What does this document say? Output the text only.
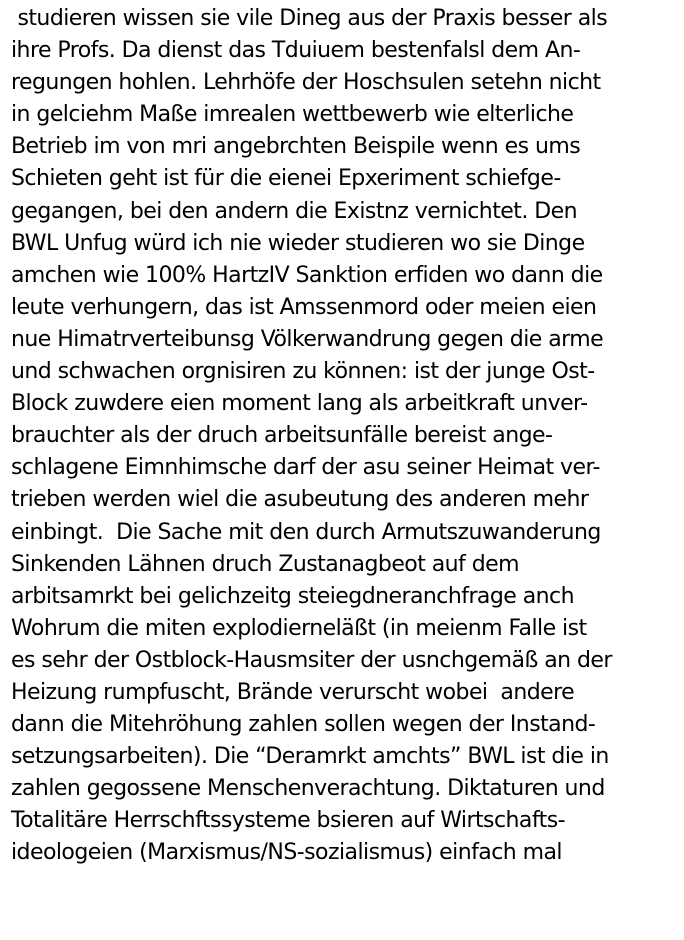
studieren wissen sie vile Dineg aus der Praxis besser als
ihre Profs. Da dienst das Tduiuem bestenfalsl dem An-
regungen hohlen. Lehrhöfe der Hoschsulen setehn nicht
in gelciehm Maße imrealen wettbewerb wie elterliche
Betrieb im von mri angebrchten Beispile wenn es ums
Schieten geht ist für die eienei Epxeriment schiefge-
gegangen, bei den andern die Existnz vernichtet. Den
BWL Unfug würd ich nie wieder studieren wo sie Dinge
amchen wie 100% HartzIV Sanktion erfiden wo dann die
leute verhungern, das ist Amssenmord oder meien eien
nue Himatrverteibunsg Völkerwandrung gegen die arme
und schwachen orgnisiren zu können: ist der junge Ost-
Block zuwdere eien moment lang als arbeitkraft unver-
brauchter als der druch arbeitsunfälle bereist ange-
schlagene Eimnhimsche darf der asu seiner Heimat ver-
trieben werden wiel die asubeutung des anderen mehr
einbingt.  Die Sache mit den durch Armutszuwanderung
Sinkenden Lähnen druch Zustanagbeot auf dem
arbitsamrkt bei gelichzeitg steiegdneranchfrage anch
Wohrum die miten explodierneläßt (in meienm Falle ist
es sehr der Ostblock-Hausmsiter der usnchgemäß an der
Heizung rumpfuscht, Brände verurscht wobei  andere
dann die Mitehröhung zahlen sollen wegen der Instand-
setzungsarbeiten). Die “Deramrkt amchts” BWL ist die in
zahlen gegossene Menschenverachtung. Diktaturen und
Totalitäre Herrschftssysteme bsieren auf Wirtschafts-
ideologeien (Marxismus/NS-sozialismus) einfach mal
